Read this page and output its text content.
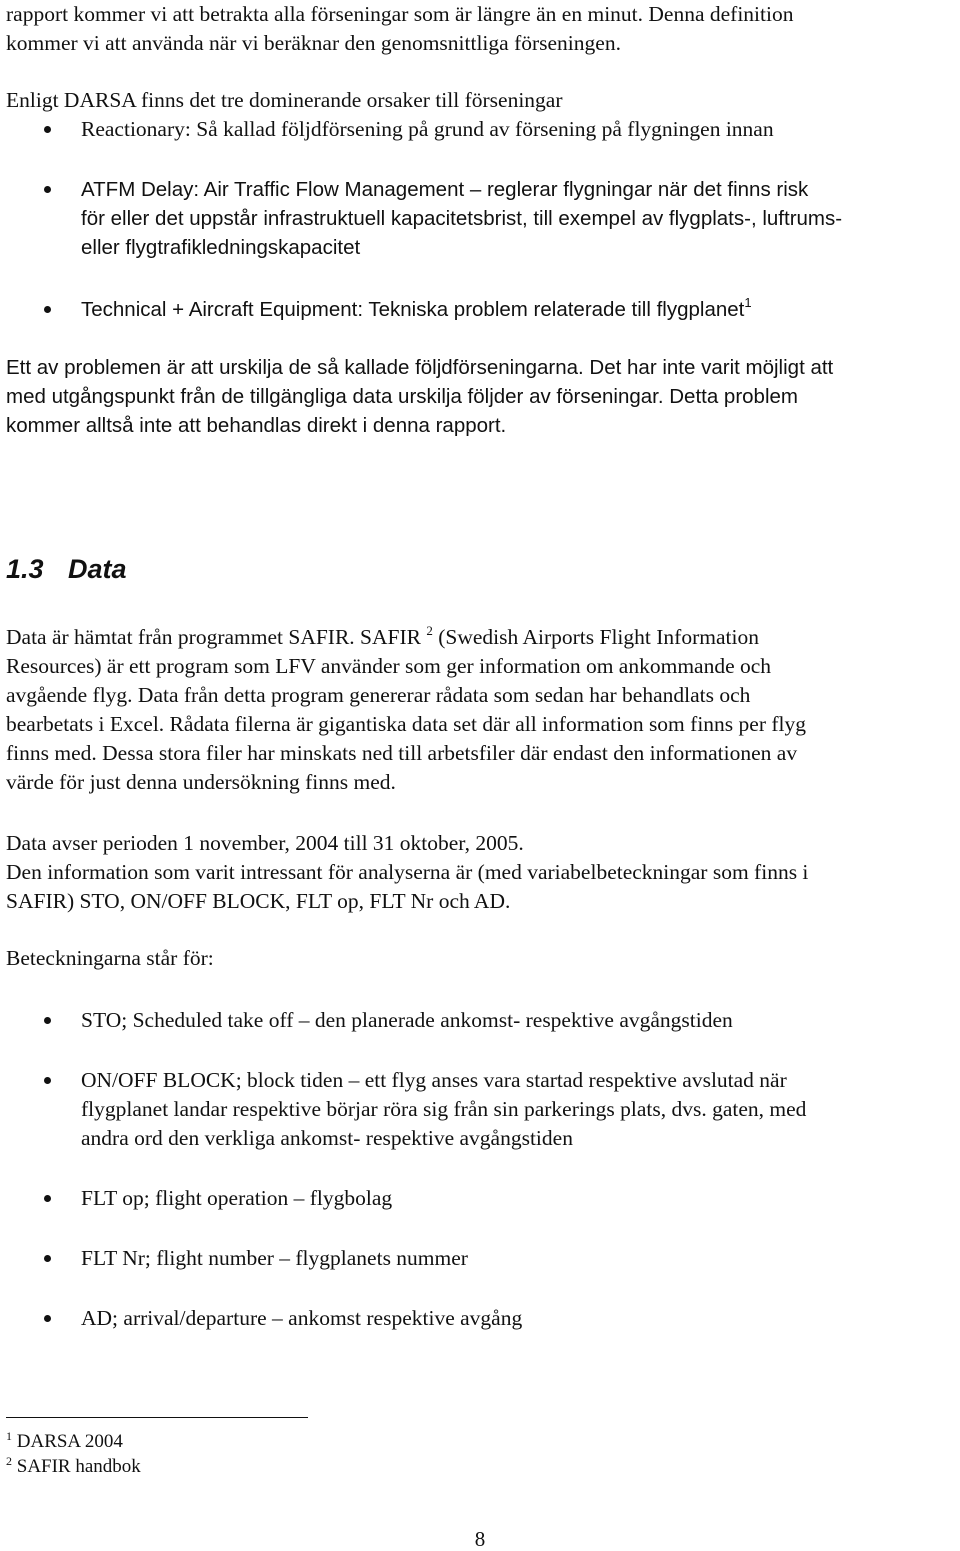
rapport kommer vi att betrakta alla förseningar som är längre än en minut. Denna definition
kommer vi att använda när vi beräknar den genomsnittliga förseningen.
Enligt DARSA finns det tre dominerande orsaker till förseningar
Reactionary: Så kallad följdförsening på grund av försening på flygningen innan
ATFM Delay: Air Traffic Flow Management – reglerar flygningar när det finns risk
för eller det uppstår infrastruktuell kapacitetsbrist, till exempel av flygplats-, luftrums-
eller flygtrafikledningskapacitet
Technical + Aircraft Equipment: Tekniska problem relaterade till flygplanet$^1$
Ett av problemen är att urskilja de så kallade följdförseningarna. Det har inte varit möjligt att
med utgångspunkt från de tillgängliga data urskilja följder av förseningar. Detta problem
kommer alltså inte att behandlas direkt i denna rapport.
1.3 Data
Data är hämtat från programmet SAFIR. SAFIR $^2$ (Swedish Airports Flight Information
Resources) är ett program som LFV använder som ger information om ankommande och
avgående flyg. Data från detta program genererar rådata som sedan har behandlats och
bearbetats i Excel. Rådata filerna är gigantiska data set där all information som finns per flyg
finns med. Dessa stora filer har minskats ned till arbetsfiler där endast den informationen av
värde för just denna undersökning finns med.
Data avser perioden 1 november, 2004 till 31 oktober, 2005.
Den information som varit intressant för analyserna är (med variabelbeteckningar som finns i
SAFIR) STO, ON/OFF BLOCK, FLT op, FLT Nr och AD.
Beteckningarna står för:
STO; Scheduled take off – den planerade ankomst- respektive avgångstiden
ON/OFF BLOCK; block tiden – ett flyg anses vara startad respektive avslutad när
flygplanet landar respektive börjar röra sig från sin parkerings plats, dvs. gaten, med
andra ord den verkliga ankomst- respektive avgångstiden
FLT op; flight operation – flygbolag
FLT Nr; flight number – flygplanets nummer
AD; arrival/departure – ankomst respektive avgång
$^1$ DARSA 2004
$^2$ SAFIR handbok
8
